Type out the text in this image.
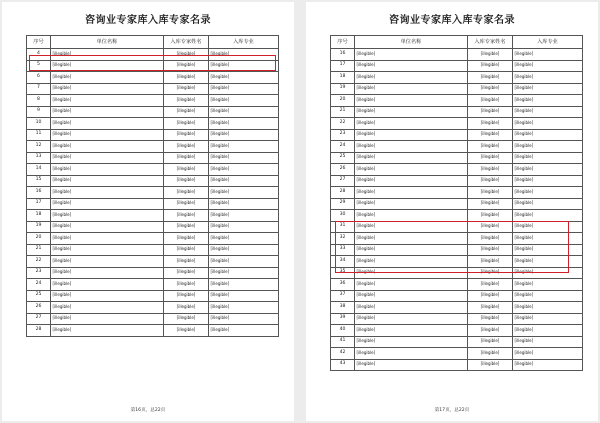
咨询业专家库入库专家名录
序号	单位名称	入库专家姓名	入库专业
4	[illegible]	[illegible]	[illegible]
5	[illegible]	[illegible]	[illegible]
6	[illegible]	[illegible]	[illegible]
7	[illegible]	[illegible]	[illegible]
8	[illegible]	[illegible]	[illegible]
9	[illegible]	[illegible]	[illegible]
10	[illegible]	[illegible]	[illegible]
11	[illegible]	[illegible]	[illegible]
12	[illegible]	[illegible]	[illegible]
13	[illegible]	[illegible]	[illegible]
14	[illegible]	[illegible]	[illegible]
15	[illegible]	[illegible]	[illegible]
16	[illegible]	[illegible]	[illegible]
17	[illegible]	[illegible]	[illegible]
18	[illegible]	[illegible]	[illegible]
19	[illegible]	[illegible]	[illegible]
20	[illegible]	[illegible]	[illegible]
21	[illegible]	[illegible]	[illegible]
22	[illegible]	[illegible]	[illegible]
23	[illegible]	[illegible]	[illegible]
24	[illegible]	[illegible]	[illegible]
25	[illegible]	[illegible]	[illegible]
26	[illegible]	[illegible]	[illegible]
27	[illegible]	[illegible]	[illegible]
28	[illegible]	[illegible]	[illegible]
第16页，总22页
咨询业专家库入库专家名录
序号	单位名称	入库专家姓名	入库专业
16	[illegible]	[illegible]	[illegible]
17	[illegible]	[illegible]	[illegible]
18	[illegible]	[illegible]	[illegible]
19	[illegible]	[illegible]	[illegible]
20	[illegible]	[illegible]	[illegible]
21	[illegible]	[illegible]	[illegible]
22	[illegible]	[illegible]	[illegible]
23	[illegible]	[illegible]	[illegible]
24	[illegible]	[illegible]	[illegible]
25	[illegible]	[illegible]	[illegible]
26	[illegible]	[illegible]	[illegible]
27	[illegible]	[illegible]	[illegible]
28	[illegible]	[illegible]	[illegible]
29	[illegible]	[illegible]	[illegible]
30	[illegible]	[illegible]	[illegible]
31	[illegible]	[illegible]	[illegible]
32	[illegible]	[illegible]	[illegible]
33	[illegible]	[illegible]	[illegible]
34	[illegible]	[illegible]	[illegible]
35	[illegible]	[illegible]	[illegible]
36	[illegible]	[illegible]	[illegible]
37	[illegible]	[illegible]	[illegible]
38	[illegible]	[illegible]	[illegible]
39	[illegible]	[illegible]	[illegible]
40	[illegible]	[illegible]	[illegible]
41	[illegible]	[illegible]	[illegible]
42	[illegible]	[illegible]	[illegible]
43	[illegible]	[illegible]	[illegible]
第17页，总22页
